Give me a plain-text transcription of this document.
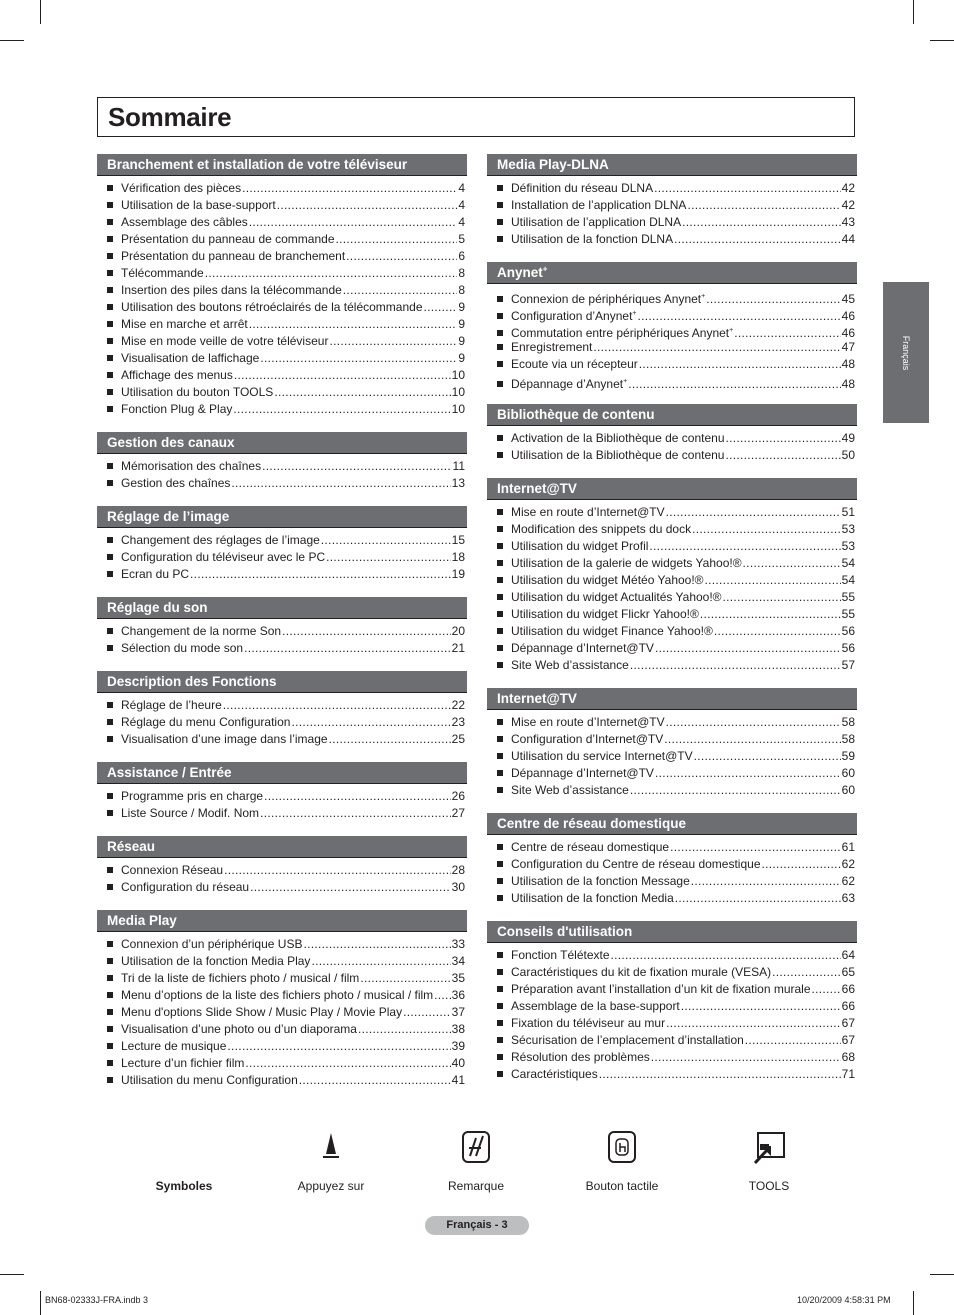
Sommaire
Branchement et installation de votre téléviseur
Vérification des pièces .....	4
Utilisation de la base-support .....	4
Assemblage des câbles .....	4
Présentation du panneau de commande .....	5
Présentation du panneau de branchement .....	6
Télécommande .....	8
Insertion des piles dans la télécommande .....	8
Utilisation des boutons rétroéclairés de la télécommande .....	9
Mise en marche et arrêt .....	9
Mise en mode veille de votre téléviseur .....	9
Visualisation de laffichage .....	9
Affichage des menus .....	10
Utilisation du bouton TOOLS .....	10
Fonction Plug & Play .....	10
Gestion des canaux
Mémorisation des chaînes .....	11
Gestion des chaînes .....	13
Réglage de l’image
Changement des réglages de l’image .....	15
Configuration du téléviseur avec le PC .....	18
Ecran du PC .....	19
Réglage du son
Changement de la norme Son .....	20
Sélection du mode son .....	21
Description des Fonctions
Réglage de l’heure .....	22
Réglage du menu Configuration .....	23
Visualisation d’une image dans l’image .....	25
Assistance / Entrée
Programme pris en charge .....	26
Liste Source / Modif. Nom .....	27
Réseau
Connexion Réseau .....	28
Configuration du réseau .....	30
Media Play
Connexion d’un périphérique USB .....	33
Utilisation de la fonction Media Play .....	34
Tri de la liste de fichiers photo / musical / film .....	35
Menu d’options de la liste des fichiers photo / musical / film ..... 36
Menu d'options Slide Show / Music Play / Movie Play .....	37
Visualisation d’une photo ou d’un diaporama .....	38
Lecture de musique .....	39
Lecture d’un fichier film .....	40
Utilisation du menu Configuration .....	41
Media Play-DLNA
Définition du réseau DLNA .....	42
Installation de l’application DLNA .....	42
Utilisation de l’application DLNA .....	43
Utilisation de la fonction DLNA .....	44
Anynet+
Connexion de périphériques Anynet+ .....	45
Configuration d’Anynet+ .....	46
Commutation entre périphériques Anynet+ .....	46
Enregistrement .....	47
Ecoute via un récepteur .....	48
Dépannage d’Anynet+ .....	48
Bibliothèque de contenu
Activation de la Bibliothèque de contenu .....	49
Utilisation de la Bibliothèque de contenu .....	50
Internet@TV
Mise en route d’Internet@TV .....	51
Modification des snippets du dock .....	53
Utilisation du widget Profil .....	53
Utilisation de la galerie de widgets Yahoo!® .....	54
Utilisation du widget Météo Yahoo!® .....	54
Utilisation du widget Actualités Yahoo!® .....	55
Utilisation du widget Flickr Yahoo!® .....	55
Utilisation du widget Finance Yahoo!® .....	56
Dépannage d’Internet@TV .....	56
Site Web d’assistance .....	57
Internet@TV
Mise en route d’Internet@TV .....	58
Configuration d’Internet@TV .....	58
Utilisation du service Internet@TV .....	59
Dépannage d’Internet@TV .....	60
Site Web d’assistance .....	60
Centre de réseau domestique
Centre de réseau domestique .....	61
Configuration du Centre de réseau domestique .....	62
Utilisation de la fonction Message .....	62
Utilisation de la fonction Media .....	63
Conseils d'utilisation
Fonction Télétexte .....	64
Caractéristiques du kit de fixation murale (VESA) .....	65
Préparation avant l’installation d’un kit de fixation murale .....	66
Assemblage de la base-support .....	66
Fixation du téléviseur au mur .....	67
Sécurisation de l’emplacement d’installation .....	67
Résolution des problèmes .....	68
Caractéristiques .....	71
Français
Symboles	Appuyez sur	Remarque	Bouton tactile	TOOLS
Français - 3
BN68-02333J-FRA.indb 3	10/20/2009 4:58:31 PM
